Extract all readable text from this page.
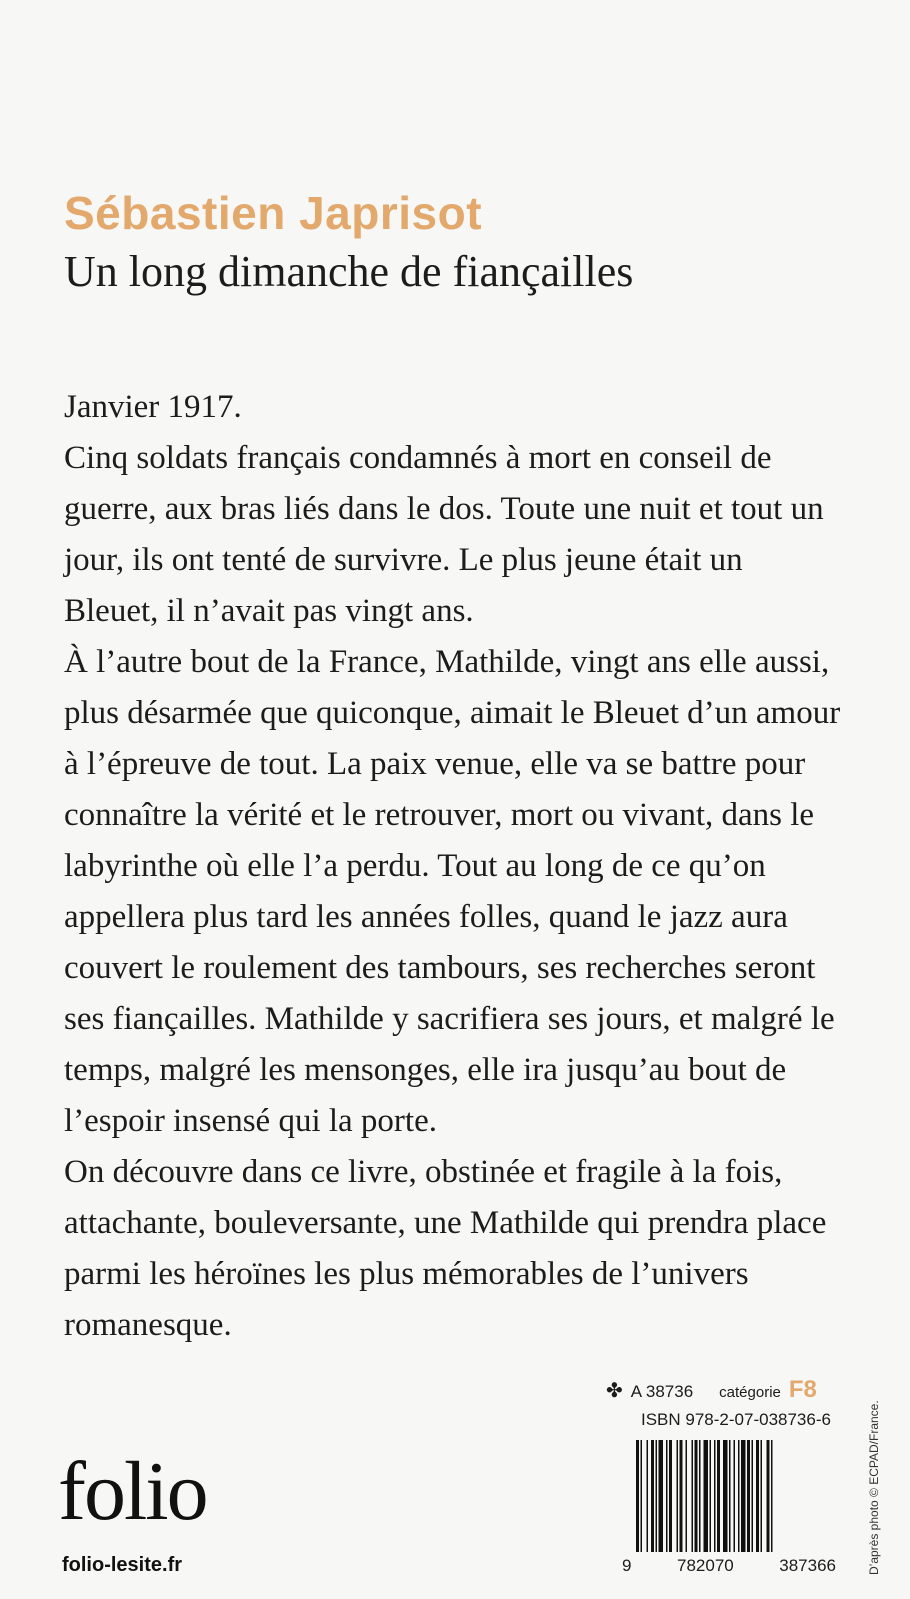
Sébastien Japrisot
Un long dimanche de fiançailles

Janvier 1917.

Cinq soldats français condamnés à mort en conseil de guerre, aux bras liés dans le dos. Toute une nuit et tout un jour, ils ont tenté de survivre. Le plus jeune était un Bleuet, il n’avait pas vingt ans.

À l’autre bout de la France, Mathilde, vingt ans elle aussi, plus désarmée que quiconque, aimait le Bleuet d’un amour à l’épreuve de tout. La paix venue, elle va se battre pour connaître la vérité et le retrouver, mort ou vivant, dans le labyrinthe où elle l’a perdu. Tout au long de ce qu’on appellera plus tard les années folles, quand le jazz aura couvert le roulement des tambours, ses recherches seront ses fiançailles. Mathilde y sacrifiera ses jours, et malgré le temps, malgré les mensonges, elle ira jusqu’au bout de l’espoir insensé qui la porte.

On découvre dans ce livre, obstinée et fragile à la fois, attachante, bouleversante, une Mathilde qui prendra place parmi les héroïnes les plus mémorables de l’univers romanesque.

✤ A 38736 catégorie F8
ISBN 978-2-07-038736-6
folio
folio-lesite.fr	9	782070	387366	D’après photo © ECPAD/France.
